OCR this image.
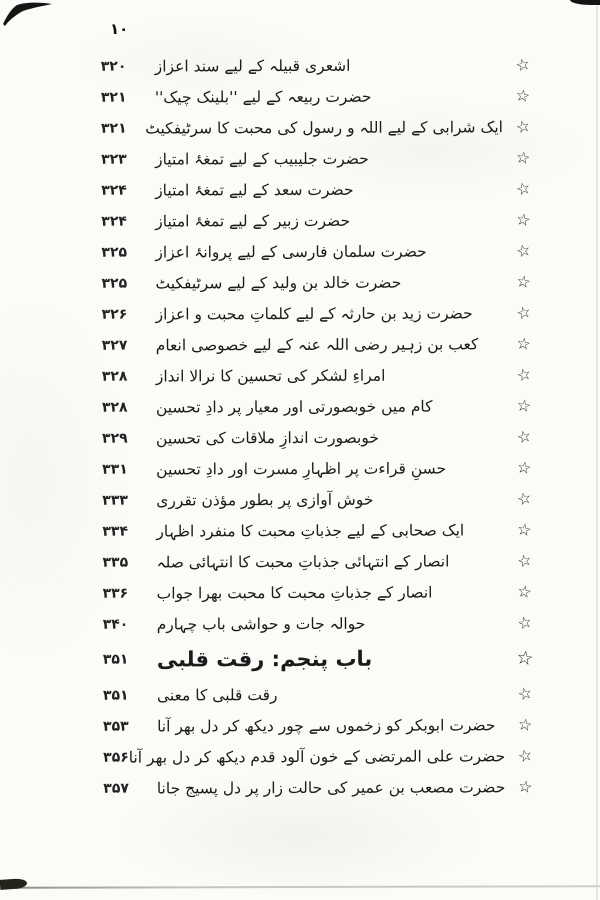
۱۰
۳۲۰	اشعری قبیلہ کے لیے سند اعزاز	☆
۳۲۱	حضرت ربیعہ کے لیے ''بلینک چیک''	☆
۳۲۱	ایک شرابی کے لیے اللہ و رسول کی محبت کا سرٹیفکیٹ ☆
۳۲۳	حضرت جلیبیب کے لیے تمغۂ امتیاز	☆
۳۲۴	حضرت سعد کے لیے تمغۂ امتیاز	☆
۳۲۴	حضرت زبیر کے لیے تمغۂ امتیاز	☆
۳۲۵	حضرت سلمان فارسی کے لیے پروانۂ اعزاز	☆
۳۲۵	حضرت خالد بن ولید کے لیے سرٹیفکیٹ	☆
۳۲۶	حضرت زید بن حارثہ کے لیے کلماتِ محبت و اعزاز	☆
۳۲۷	کعب بن زہیر رضی اللہ عنہ کے لیے خصوصی انعام	☆
۳۲۸	امراءِ لشکر کی تحسین کا نرالا انداز	☆
۳۲۸	کام میں خوبصورتی اور معیار پر دادِ تحسین	☆
۳۲۹	خوبصورت اندازِ ملاقات کی تحسین	☆
۳۳۱	حسنِ قراءت پر اظہارِ مسرت اور دادِ تحسین	☆
۳۳۳	خوش آوازی پر بطور مؤذن تقرری	☆
۳۳۴	ایک صحابی کے لیے جذباتِ محبت کا منفرد اظہار	☆
۳۳۵	انصار کے انتہائی جذباتِ محبت کا انتہائی صلہ	☆
۳۳۶	انصار کے جذباتِ محبت کا محبت بھرا جواب	☆
۳۴۰	حوالہ جات و حواشی باب چہارم	☆
۳۵۱	باب پنجم: رقت قلبی	☆
۳۵۱	رقت قلبی کا معنی	☆
۳۵۳	حضرت ابوبکر کو زخموں سے چور دیکھ کر دل بھر آنا	☆
۳۵۶ حضرت علی المرتضی کے خون آلود قدم دیکھ کر دل بھر آنا ☆
۳۵۷	حضرت مصعب بن عمیر کی حالت زار پر دل پسیج جانا ☆
